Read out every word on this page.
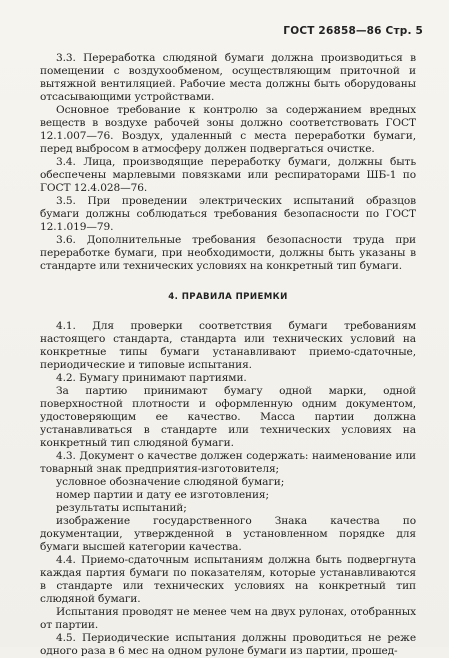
ГОСТ 26858—86 Стр. 5

3.3. Переработка слюдяной бумаги должна производиться в помещении с воздухообменом, осуществляющим приточной и вытяжной вентиляцией. Рабочие места должны быть оборудованы отсасывающими устройствами.

Основное требование к контролю за содержанием вредных веществ в воздухе рабочей зоны должно соответствовать ГОСТ 12.1.007—76. Воздух, удаленный с места переработки бумаги, перед выбросом в атмосферу должен подвергаться очистке.

3.4. Лица, производящие переработку бумаги, должны быть обеспечены марлевыми повязками или респираторами ШБ-1 по ГОСТ 12.4.028—76.

3.5. При проведении электрических испытаний образцов бумаги должны соблюдаться требования безопасности по ГОСТ 12.1.019—79.

3.6. Дополнительные требования безопасности труда при переработке бумаги, при необходимости, должны быть указаны в стандарте или технических условиях на конкретный тип бумаги.

4. ПРАВИЛА ПРИЕМКИ

4.1. Для проверки соответствия бумаги требованиям настоящего стандарта, стандарта или технических условий на конкретные типы бумаги устанавливают приемо-сдаточные, периодические и типовые испытания.

4.2. Бумагу принимают партиями.

За партию принимают бумагу одной марки, одной поверхностной плотности и оформленную одним документом, удостоверяющим ее качество. Масса партии должна устанавливаться в стандарте или технических условиях на конкретный тип слюдяной бумаги.

4.3. Документ о качестве должен содержать: наименование или товарный знак предприятия-изготовителя;

условное обозначение слюдяной бумаги;
номер партии и дату ее изготовления;
результаты испытаний;

изображение государственного Знака качества по документации, утвержденной в установленном порядке для бумаги высшей категории качества.

4.4. Приемо-сдаточным испытаниям должна быть подвергнута каждая партия бумаги по показателям, которые устанавливаются в стандарте или технических условиях на конкретный тип слюдяной бумаги.

Испытания проводят не менее чем на двух рулонах, отобранных от партии.

4.5. Периодические испытания должны проводиться не реже одного раза в 6 мес на одном рулоне бумаги из партии, прошед-
